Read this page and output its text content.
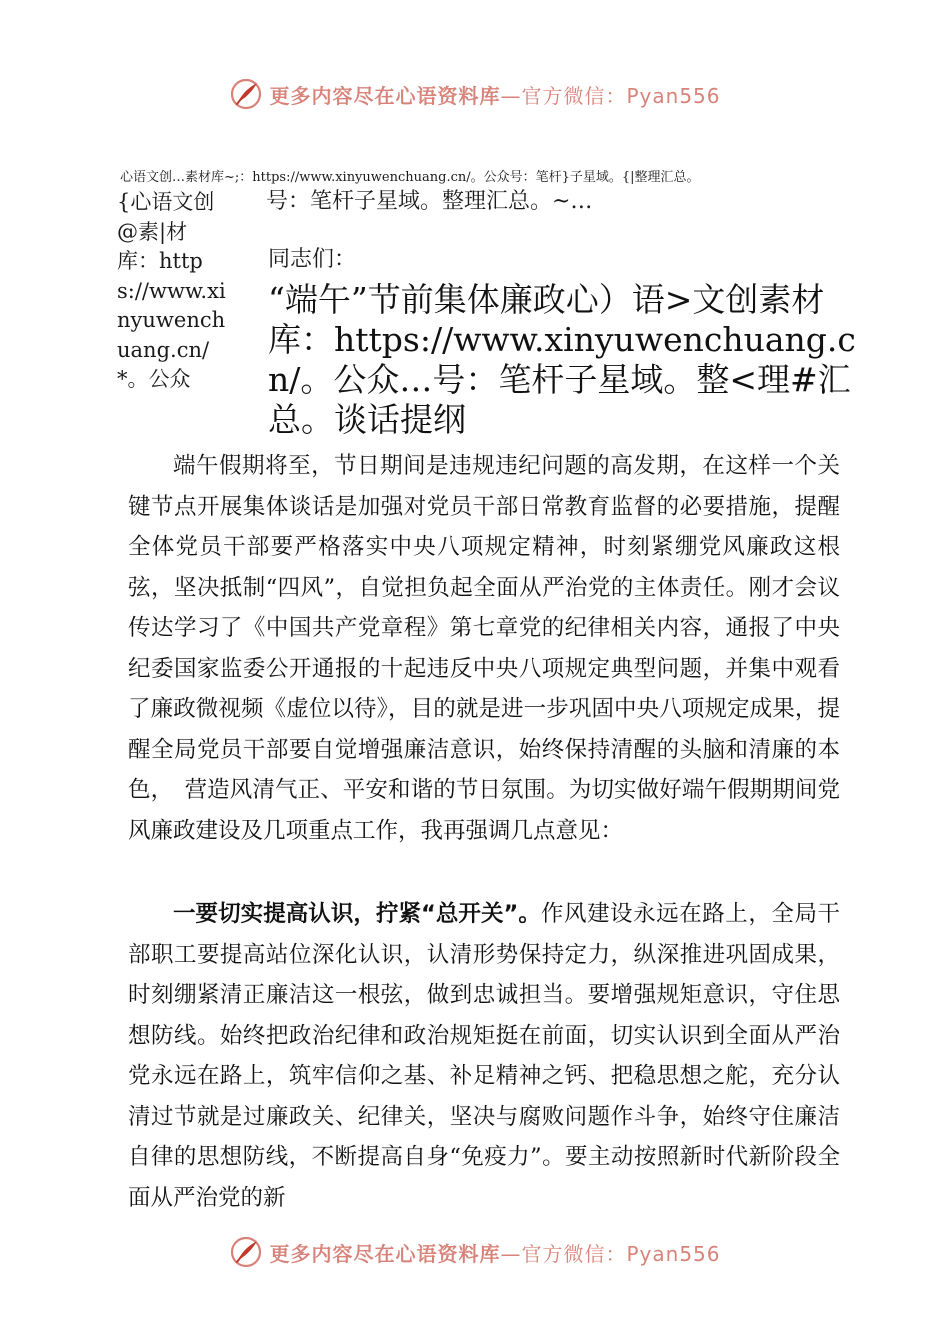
更多内容尽在心语资料库—官方微信：Pyan556
心语文创…素材库~;：https://www.xinyuwenchuang.cn/。公众号：笔杆}子星域。{|整理汇总。
{心语文创@素|材库：https://www.xinyuwenchuang.cn/*。公众
号：笔杆子星域。整理汇总。~…
同志们：
“端午”节前集体廉政心）语>文创素材库：https://www.xinyuwenchuang.cn/。公众…号：笔杆子星域。整<理#汇总。谈话提纲
端午假期将至，节日期间是违规违纪问题的高发期，在这样一个关键节点开展集体谈话是加强对党员干部日常教育监督的必要措施，提醒全体党员干部要严格落实中央八项规定精神，时刻紧绷党风廉政这根弦，坚决抵制“四风”，自觉担负起全面从严治党的主体责任。刚才会议传达学习了《中国共产党章程》第七章党的纪律相关内容，通报了中央纪委国家监委公开通报的十起违反中央八项规定典型问题，并集中观看了廉政微视频《虚位以待》，目的就是进一步巩固中央八项规定成果，提醒全局党员干部要自觉增强廉洁意识，始终保持清醒的头脑和清廉的本色，　营造风清气正、平安和谐的节日氛围。为切实做好端午假期期间党风廉政建设及几项重点工作，我再强调几点意见：
一要切实提高认识，拧紧“总开关”。作风建设永远在路上，全局干部职工要提高站位深化认识，认清形势保持定力，纵深推进巩固成果，时刻绷紧清正廉洁这一根弦，做到忠诚担当。要增强规矩意识，守住思想防线。始终把政治纪律和政治规矩挺在前面，切实认识到全面从严治党永远在路上，筑牢信仰之基、补足精神之钙、把稳思想之舵，充分认清过节就是过廉政关、纪律关，坚决与腐败问题作斗争，始终守住廉洁自律的思想防线，不断提高自身“免疫力”。要主动按照新时代新阶段全面从严治党的新
更多内容尽在心语资料库—官方微信：Pyan556
